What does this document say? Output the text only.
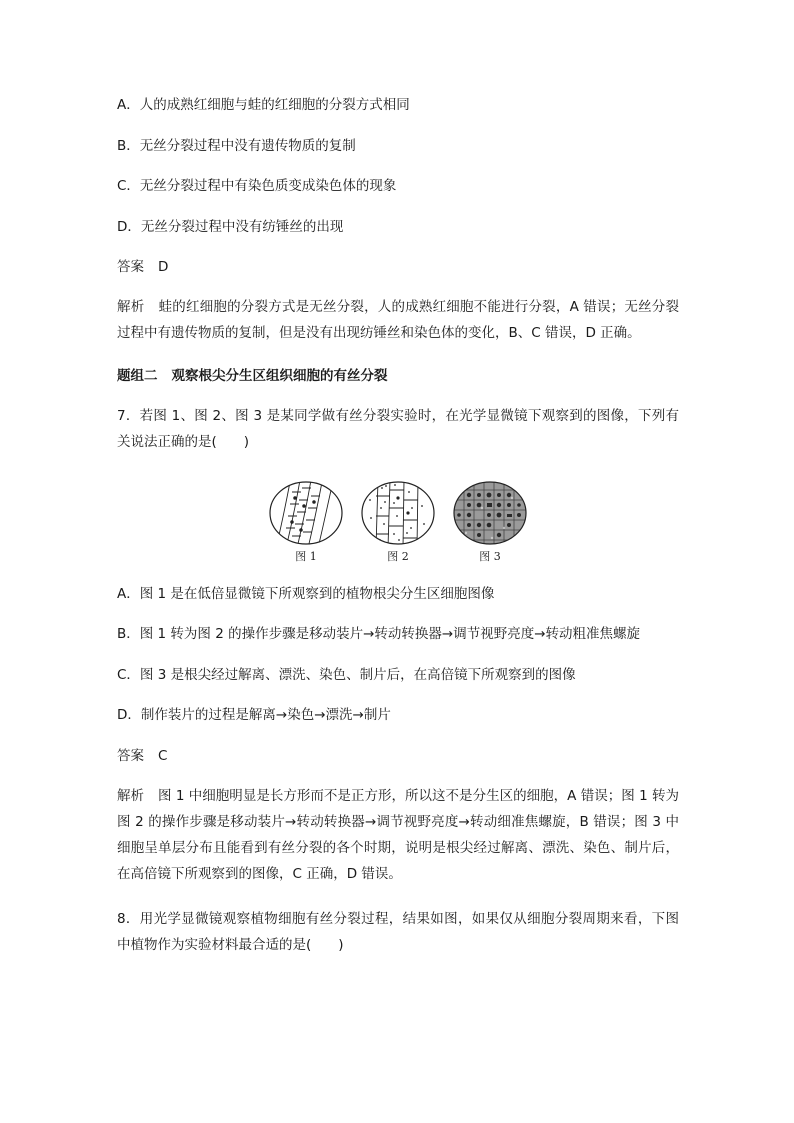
A．人的成熟红细胞与蛙的红细胞的分裂方式相同
B．无丝分裂过程中没有遗传物质的复制
C．无丝分裂过程中有染色质变成染色体的现象
D．无丝分裂过程中没有纺锤丝的出现
答案 D
解析 蛙的红细胞的分裂方式是无丝分裂，人的成熟红细胞不能进行分裂，A 错误；无丝分裂过程中有遗传物质的复制，但是没有出现纺锤丝和染色体的变化，B、C 错误，D 正确。
题组二 观察根尖分生区组织细胞的有丝分裂
7．若图 1、图 2、图 3 是某同学做有丝分裂实验时，在光学显微镜下观察到的图像，下列有关说法正确的是(　　)
图 1	图 2	图 3
A．图 1 是在低倍显微镜下所观察到的植物根尖分生区细胞图像
B．图 1 转为图 2 的操作步骤是移动装片→转动转换器→调节视野亮度→转动粗准焦螺旋
C．图 3 是根尖经过解离、漂洗、染色、制片后，在高倍镜下所观察到的图像
D．制作装片的过程是解离→染色→漂洗→制片
答案 C
解析 图 1 中细胞明显是长方形而不是正方形，所以这不是分生区的细胞，A 错误；图 1 转为图 2 的操作步骤是移动装片→转动转换器→调节视野亮度→转动细准焦螺旋，B 错误；图 3 中细胞呈单层分布且能看到有丝分裂的各个时期，说明是根尖经过解离、漂洗、染色、制片后，在高倍镜下所观察到的图像，C 正确，D 错误。
8．用光学显微镜观察植物细胞有丝分裂过程，结果如图，如果仅从细胞分裂周期来看，下图中植物作为实验材料最合适的是(　　)
